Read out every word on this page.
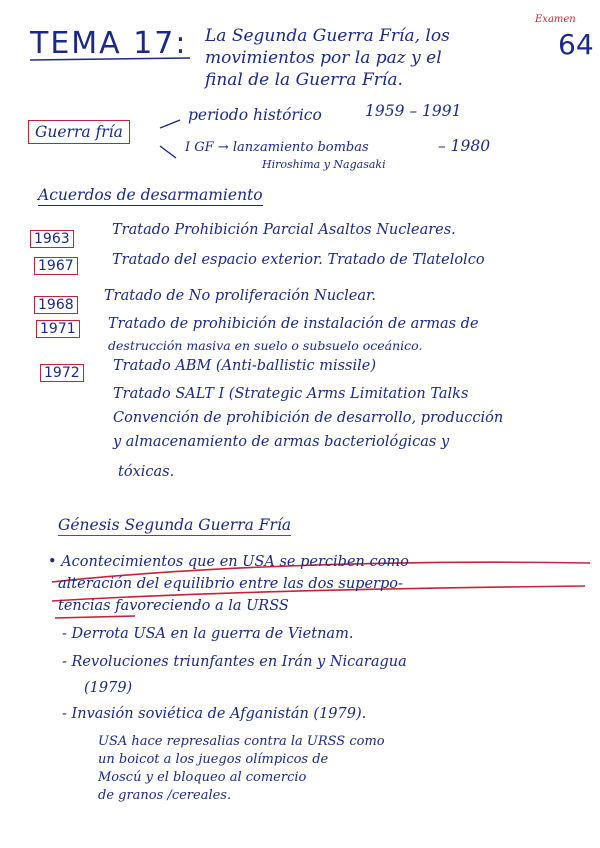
TEMA 17: La Segunda Guerra Fría, los
movimientos por la paz y el
final de la Guerra Fría.
Examen
64
Guerra fría
periodo histórico	1959 – 1991
I GF → lanzamiento bombas
Hiroshima y Nagasaki
– 1980
Acuerdos de desarmamiento
1963
Tratado Prohibición Parcial Asaltos Nucleares.
1967	Tratado del espacio exterior. Tratado de Tlatelolco
1968
Tratado de No proliferación Nuclear.
1971 Tratado de prohibición de instalación de armas de
destrucción masiva en suelo o subsuelo oceánico.
1972 Tratado ABM (Anti-ballistic missile)
Tratado SALT I (Strategic Arms Limitation Talks
Convención de prohibición de desarrollo, producción
y almacenamiento de armas bacteriológicas y
tóxicas.
Génesis Segunda Guerra Fría
• Acontecimientos que en USA se perciben como
alteración del equilibrio entre las dos superpo-
tencias favoreciendo a la URSS
- Derrota USA en la guerra de Vietnam.
- Revoluciones triunfantes en Irán y Nicaragua
(1979)
- Invasión soviética de Afganistán (1979).
USA hace represalias contra la URSS como
un boicot a los juegos olímpicos de
Moscú y el bloqueo al comercio
de granos /cereales.
